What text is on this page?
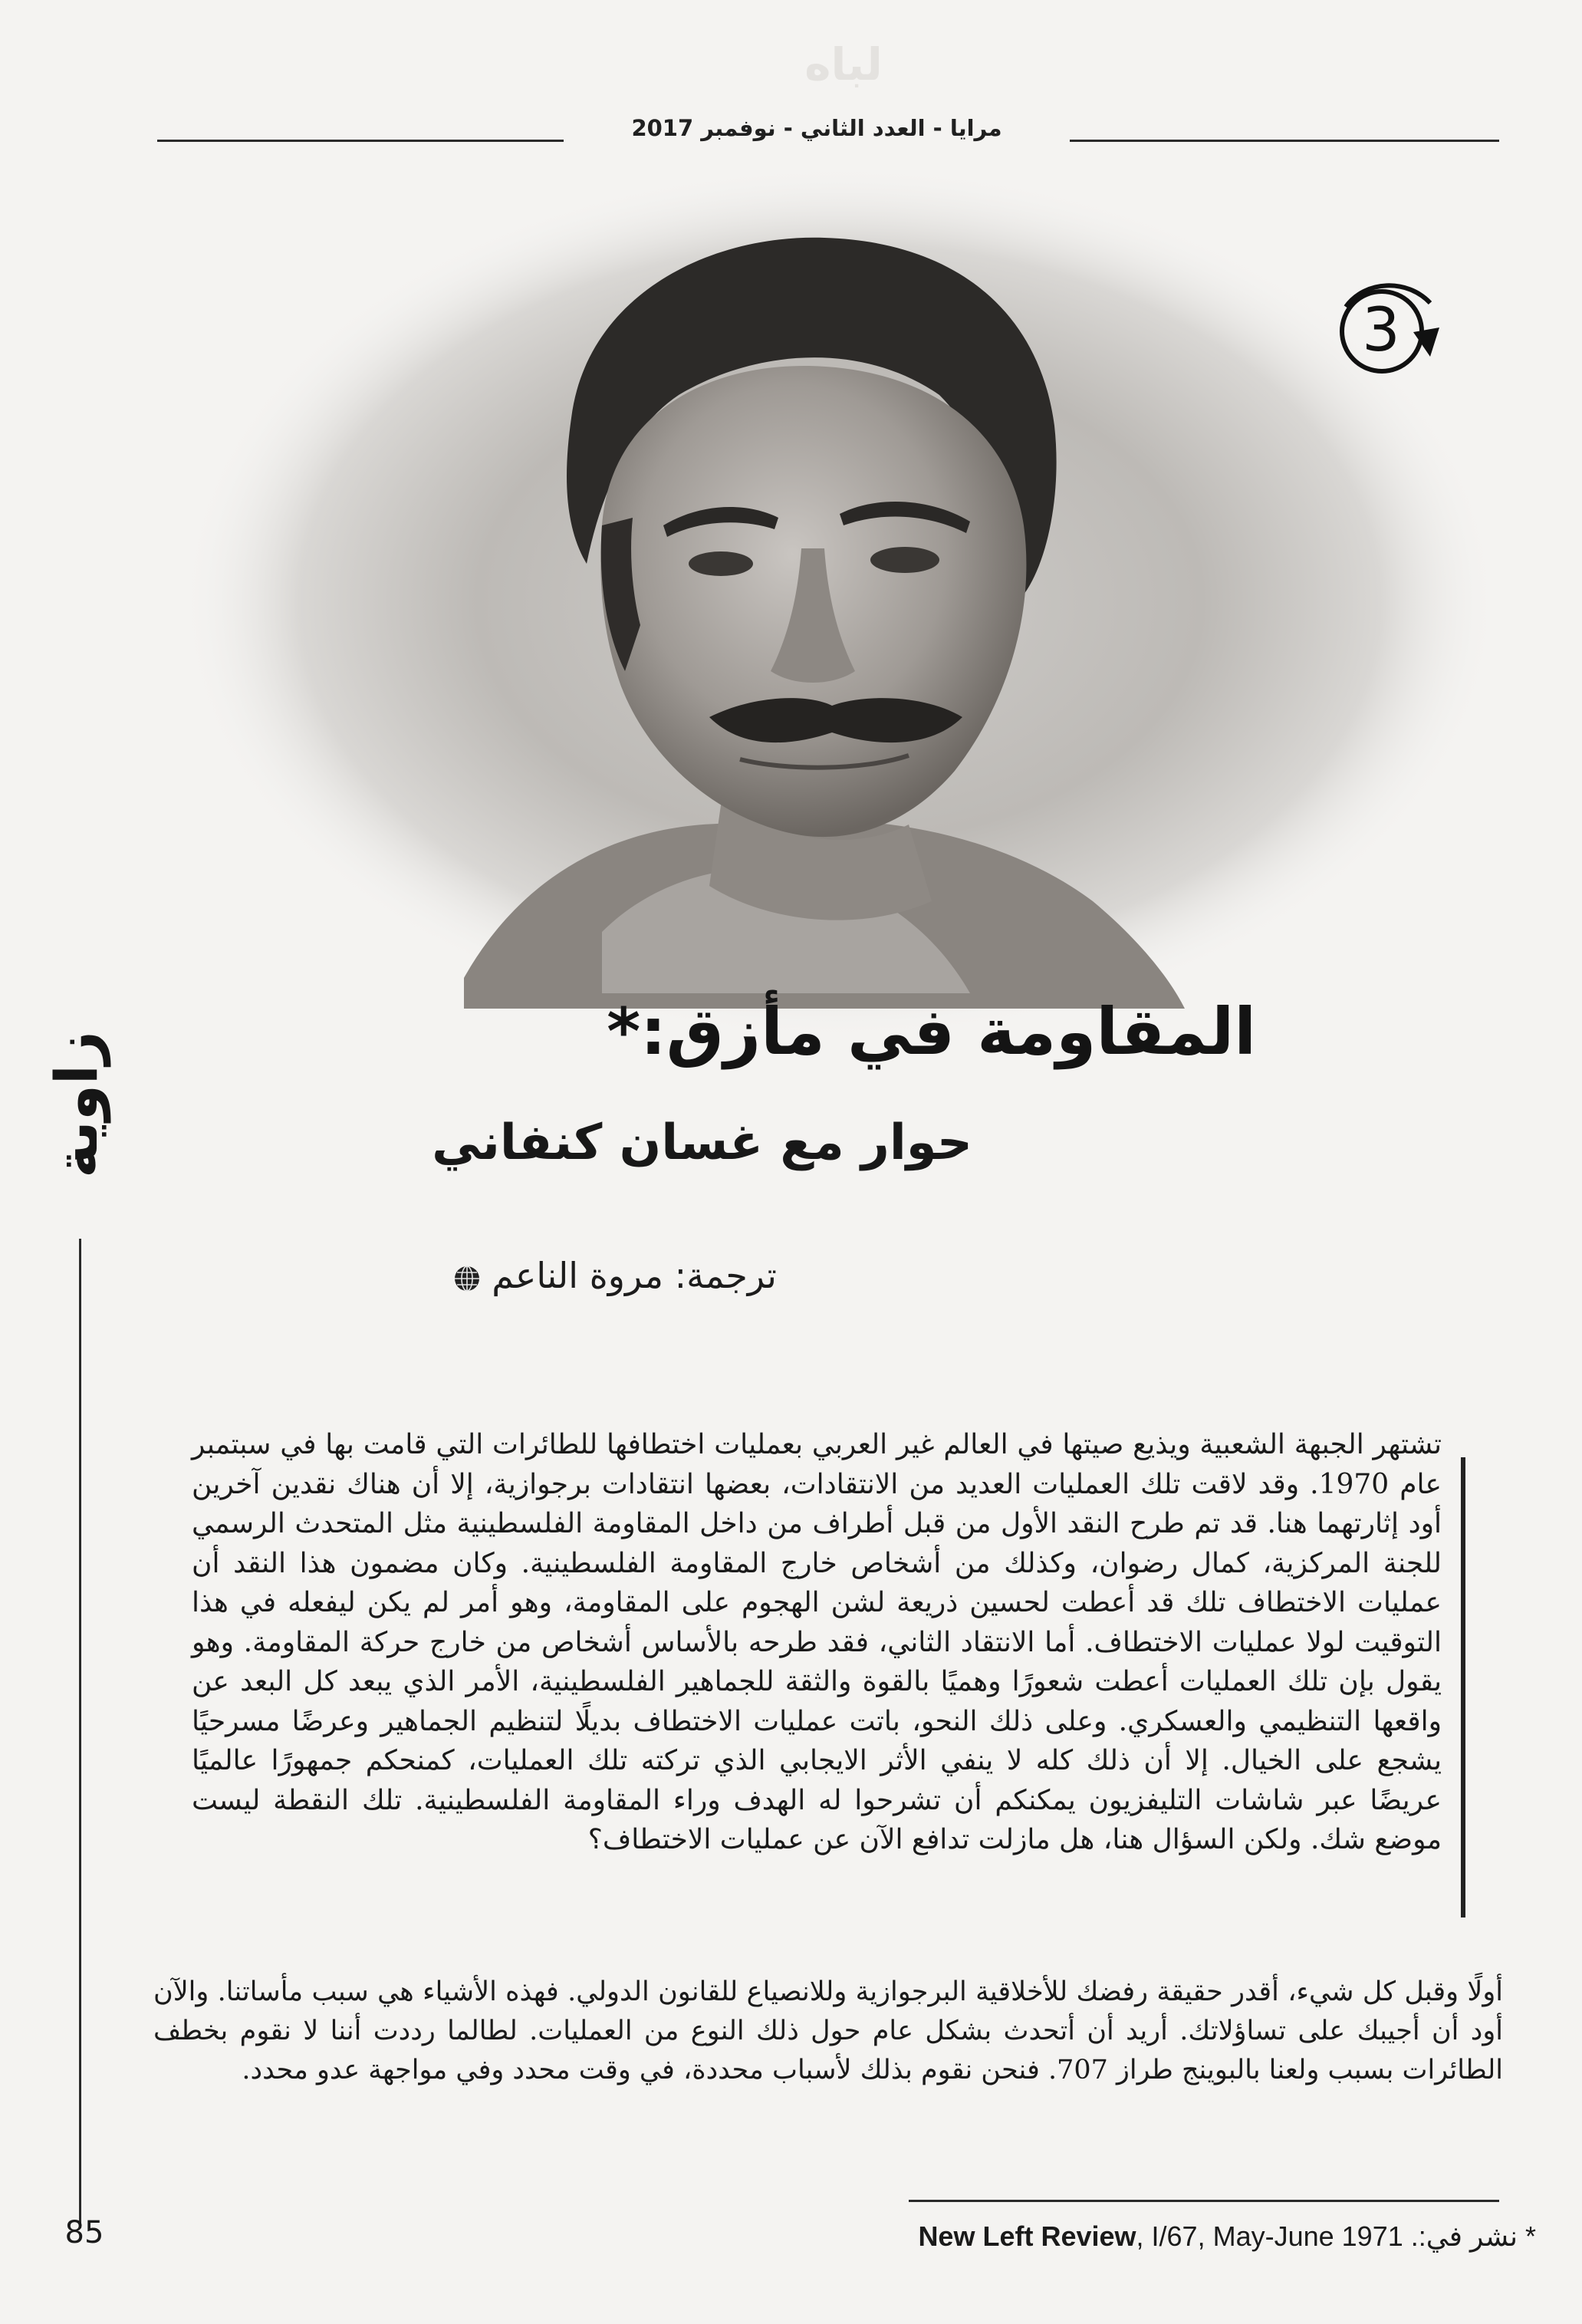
لباه
مرايا - العدد الثاني - نوفمبر 2017
3
زاوية
85
المقاومة في مأزق:*
حوار مع غسان كنفاني
ترجمة: مروة الناعم

تشتهر الجبهة الشعبية ويذيع صيتها في العالم غير العربي بعمليات اختطافها للطائرات التي قامت بها في سبتمبر عام 1970. وقد لاقت تلك العمليات العديد من الانتقادات، بعضها انتقادات برجوازية، إلا أن هناك نقدين آخرين أود إثارتهما هنا. قد تم طرح النقد الأول من قبل أطراف من داخل المقاومة الفلسطينية مثل المتحدث الرسمي للجنة المركزية، كمال رضوان، وكذلك من أشخاص خارج المقاومة الفلسطينية. وكان مضمون هذا النقد أن عمليات الاختطاف تلك قد أعطت لحسين ذريعة لشن الهجوم على المقاومة، وهو أمر لم يكن ليفعله في هذا التوقيت لولا عمليات الاختطاف. أما الانتقاد الثاني، فقد طرحه بالأساس أشخاص من خارج حركة المقاومة. وهو يقول بإن تلك العمليات أعطت شعورًا وهميًا بالقوة والثقة للجماهير الفلسطينية، الأمر الذي يبعد كل البعد عن واقعها التنظيمي والعسكري. وعلى ذلك النحو، باتت عمليات الاختطاف بديلًا لتنظيم الجماهير وعرضًا مسرحيًا يشجع على الخيال. إلا أن ذلك كله لا ينفي الأثر الايجابي الذي تركته تلك العمليات، كمنحكم جمهورًا عالميًا عريضًا عبر شاشات التليفزيون يمكنكم أن تشرحوا له الهدف وراء المقاومة الفلسطينية. تلك النقطة ليست موضع شك. ولكن السؤال هنا، هل مازلت تدافع الآن عن عمليات الاختطاف؟

أولًا وقبل كل شيء، أقدر حقيقة رفضك للأخلاقية البرجوازية وللانصياع للقانون الدولي. فهذه الأشياء هي سبب مأساتنا. والآن أود أن أجيبك على تساؤلاتك. أريد أن أتحدث بشكل عام حول ذلك النوع من العمليات. لطالما رددت أننا لا نقوم بخطف الطائرات بسبب ولعنا بالبوينج طراز 707. فنحن نقوم بذلك لأسباب محددة، في وقت محدد وفي مواجهة عدو محدد.

New Left Review, I/67, May-June 1971 * نشر في:.
